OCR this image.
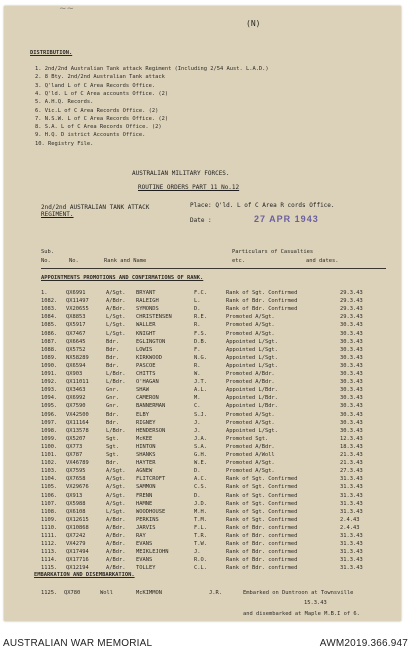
~~
(N)
DISTRIBUTION.
1. 2nd/2nd Australian Tank attack Regiment (Including 2/54 Aust. L.A.D.)
2. 8 Bty. 2nd/2nd Australian Tank attack
3. Q'land L of C Area Records Office.
4. Q'ld. L of C Area accounts Office. (2)
5. A.H.Q. Records.
6. Vic.L of C Area Records Office. (2)
7. N.S.W. L of C Area Records Office. (2)
8. S.A. L of C Area Records Office. (2)
9. H.Q. D istrict Accounts Office.
10. Registry File.
AUSTRALIAN MILITARY FORCES.
ROUTINE ORDERS PART 11 No.12
2nd/2nd AUSTRALIAN TANK ATTACK
REGIMENT.
Place: Q'ld. L of C Area R cords Office.
Date :	27 APR 1943
Sub.
No.	No.	Rank and Name
Particulars of Casualties
etc.	and dates.
APPOINTMENTS PROMOTIONS AND CONFIRMATIONS OF RANK.
1.	QX6991	A/Sgt. BRYANT	F.C.	Rank of Sgt. Confirmed	29.3.43
1082. QX11497	A/Bdr. RALEIGH	L.	Rank of Bdr. Confirmed	29.3.43
1083. VX20655	A/Bdr. SYMONDS	D.	Rank of Bdr. Confirmed	29.3.43
1084. QX8853	L/Sgt. CHRISTENSEN	R.E.	Promoted A/Sgt.	29.3.43
1085. QX5917	L/Sgt. WALLER	R.	Promoted A/Sgt.	30.3.43
1086. QX7467	L/Sgt. KNIGHT	F.S.	Promoted A/Sgt.	30.3.43
1087. QX6645	Bdr.	EGLINGTON	D.B.	Appointed L/Sgt.	30.3.43
1088. QX5752	Bdr.	LOWIS	F.	Appointed L/Sgt.	30.3.43
1089. NX58289	Bdr.	KIRKWOOD	N.G.	Appointed L/Sgt.	30.3.43
1090. QX6594	Bdr.	PASCOE	R.	Appointed L/Sgt.	30.3.43
1091. QX903	L/Bdr. CHITTS	W.	Promoted A/Bdr.	30.3.43
1092. QX11011	L/Bdr. O'HAGAN	J.T.	Promoted A/Bdr.	30.3.43
1093. QX3463	Gnr.	SHAW	A.L.	Appointed L/Bdr.	30.3.43
1094. QX6992	Gnr.	CAMERON	M.	Appointed L/Bdr.	30.3.43
1095. QX7590	Gnr.	BANNERMAN	C.	Appointed L/Bdr.	30.3.43
1096. VX42500	Bdr.	ELBY	S.J.	Promoted A/Sgt.	30.3.43
1097. QX11164	Bdr.	RIGNEY	J.	Promoted A/Sgt.	30.3.43
1098. QX13578	L/Bdr. HENDERSON	J.	Appointed L/Sgt.	30.3.43
1099. QX5207	Sgt.	McKEE	J.A.	Promoted Sgt.	12.3.43
1100. QX773	Sgt.	HINTON	S.A.	Promoted A/Bdr.	18.3.43
1101. QX787	Sgt.	SHANKS	G.H.	Promoted A/Woll	21.3.43
1102. VX46789	Bdr.	HAYTER	W.E.	Promoted A/Sgt.	21.3.43
1103. QX7595	A/Sgt. AGNEW	D.	Promoted A/Sgt.	27.3.43
1104. QX7658	A/Sgt. FLITCROFT	A.C.	Rank of Sgt. Confirmed	31.3.43
1105. VX29676	A/Sgt. SAMMON	C.S.	Rank of Sgt. Confirmed	31.3.43
1106. QX913	A/Sgt. FRENN	D.	Rank of Sgt. Confirmed	31.3.43
1107. QX5988	A/Sgt. HAMNE	J.D.	Rank of Sgt. Confirmed	31.3.43
1108. QX6108	L/Sgt. WOODHOUSE	M.H.	Rank of Sgt. Confirmed	31.3.43
1109. QX12615	A/Bdr. PERKINS	T.M.	Rank of Sgt. Confirmed	2.4.43
1110. QX10868	A/Bdr. JARVIS	F.L.	Rank of Bdr. confirmed	2.4.43
1111. QX7242	A/Bdr. RAY	T.R.	Rank of Bdr. confirmed	31.3.43
1112. VX4279	A/Bdr. EVANS	T.W.	Rank of Bdr. confirmed	31.3.43
1113. QX17494	A/Bdr. MEIKLEJOHN	J.	Rank of Bdr. confirmed	31.3.43
1114. QX17716	A/Bdr. EVANS	R.O.	Rank of Bdr. confirmed	31.3.43
1115. QX12194	A/Bdr. TOLLEY	C.L.	Rank of Bdr. confirmed	31.3.43
EMBARKATION AND DISEMBARKATION.
1125. QX780	Woll	McKIMMON	J.R.	Embarked on Duntroon at Townsville
15.3.43
and disembarked at Maple M.B.I of 6.
AUSTRALIAN WAR MEMORIAL	AWM2019.366.947
